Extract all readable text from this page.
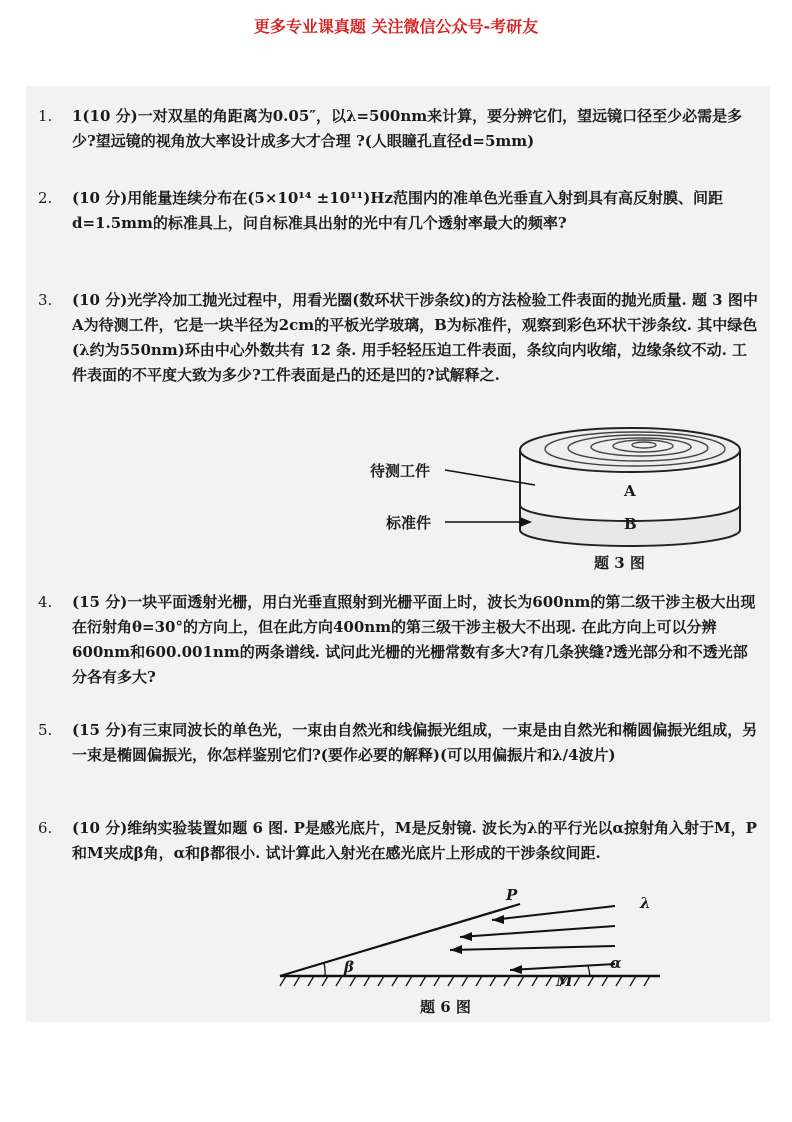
更多专业课真题 关注微信公众号-考研友
1. 1(10 分)一对双星的角距离为0.05″，以λ=500nm来计算，要分辨它们，望远镜口径至少必需是多少?望远镜的视角放大率设计成多大才合理 ?(人眼瞳孔直径d=5mm)
2. (10 分)用能量连续分布在(5×10¹⁴ ±10¹¹)Hz范围内的准单色光垂直入射到具有高反射膜、间距d=1.5mm的标准具上，问自标准具出射的光中有几个透射率最大的频率?
3. (10 分)光学冷加工抛光过程中，用看光圈(数环状干涉条纹)的方法检验工件表面的抛光质量. 题 3 图中A为待测工件，它是一块半径为2cm的平板光学玻璃，B为标准件，观察到彩色环状干涉条纹. 其中绿色(λ约为550nm)环由中心外数共有 12 条. 用手轻轻压迫工件表面，条纹向内收缩，边缘条纹不动. 工件表面的不平度大致为多少?工件表面是凸的还是凹的?试解释之.
待测工件
标准件
A
B
题 3 图
4. (15 分)一块平面透射光栅，用白光垂直照射到光栅平面上时，波长为600nm的第二级干涉主极大出现在衍射角θ=30°的方向上，但在此方向400nm的第三级干涉主极大不出现. 在此方向上可以分辨600nm和600.001nm的两条谱线. 试问此光栅的光栅常数有多大?有几条狭缝?透光部分和不透光部分各有多大?
5. (15 分)有三束同波长的单色光，一束由自然光和线偏振光组成，一束是由自然光和椭圆偏振光组成，另一束是椭圆偏振光，你怎样鉴别它们?(要作必要的解释)(可以用偏振片和λ/4波片)
6. (10 分)维纳实验装置如题 6 图. P是感光底片，M是反射镜. 波长为λ的平行光以α掠射角入射于M，P和M夹成β角，α和β都很小. 试计算此入射光在感光底片上形成的干涉条纹间距.
P	λ
α
β
M
题 6 图
